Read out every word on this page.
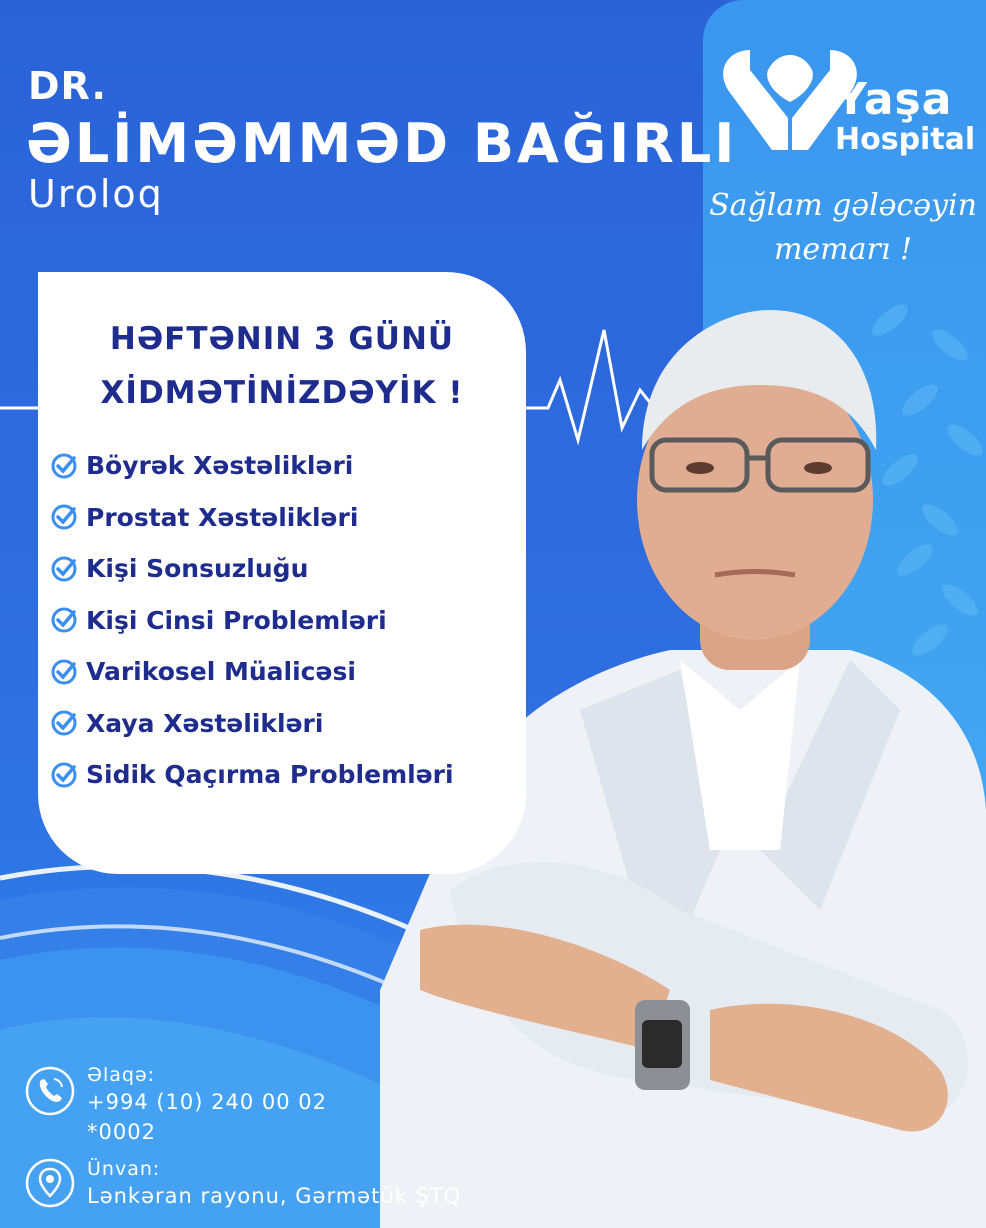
DR.
ƏLİMƏMMƏD BAĞIRLI
Uroloq
Yaşa
Hospital
Sağlam gələcəyin
memarı !
HƏFTƏNIN 3 GÜNÜ
XİDMƏTİNİZDƏYİK !
Böyrək Xəstəlikləri
Prostat Xəstəlikləri
Kişi Sonsuzluğu
Kişi Cinsi Problemləri
Varikosel Müalicəsi
Xaya Xəstəlikləri
Sidik Qaçırma Problemləri
Əlaqə:
+994 (10) 240 00 02
*0002
Ünvan:
Lənkəran rayonu, Gərmətük ŞTQ
